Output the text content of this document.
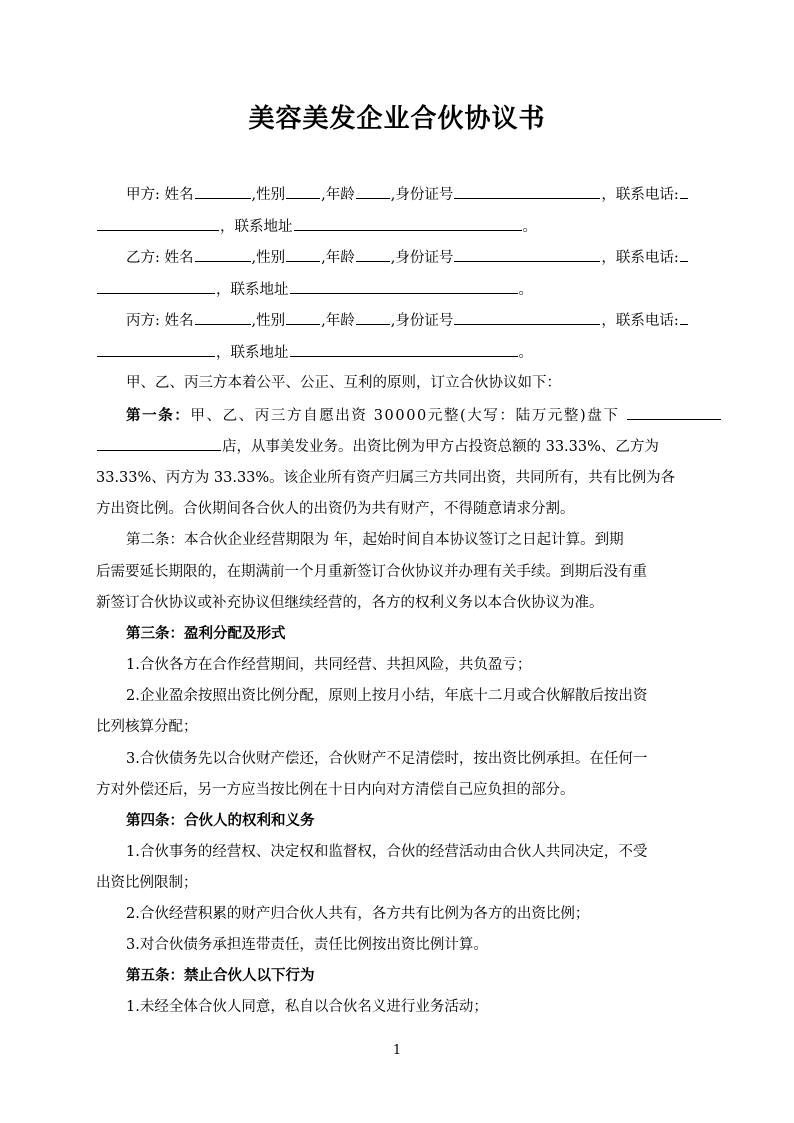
美容美发企业合伙协议书
甲方: 姓名	,性别 ,年龄 ,身份证号	，联系电话:
，联系地址	。
乙方: 姓名	,性别 ,年龄 ,身份证号	，联系电话:
，联系地址	。
丙方: 姓名	,性别 ,年龄 ,身份证号	，联系电话:
，联系地址	。
甲、乙、丙三方本着公平、公正、互利的原则，订立合伙协议如下：
第一条：甲、乙、丙三方自愿出资 30000元整(大写：陆万元整)盘下
店，从事美发业务。出资比例为甲方占投资总额的 33.33%、乙方为
33.33%、丙方为 33.33%。该企业所有资产归属三方共同出资，共同所有，共有比例为各
方出资比例。合伙期间各合伙人的出资仍为共有财产，不得随意请求分割。
第二条：本合伙企业经营期限为 年，起始时间自本协议签订之日起计算。到期
后需要延长期限的，在期满前一个月重新签订合伙协议并办理有关手续。到期后没有重
新签订合伙协议或补充协议但继续经营的，各方的权利义务以本合伙协议为准。
第三条：盈利分配及形式
1.合伙各方在合作经营期间，共同经营、共担风险，共负盈亏；
2.企业盈余按照出资比例分配，原则上按月小结，年底十二月或合伙解散后按出资
比列核算分配；
3.合伙债务先以合伙财产偿还，合伙财产不足清偿时，按出资比例承担。在任何一
方对外偿还后，另一方应当按比例在十日内向对方清偿自己应负担的部分。
第四条：合伙人的权利和义务
1.合伙事务的经营权、决定权和监督权，合伙的经营活动由合伙人共同决定，不受
出资比例限制；
2.合伙经营积累的财产归合伙人共有，各方共有比例为各方的出资比例；
3.对合伙债务承担连带责任，责任比例按出资比例计算。
第五条：禁止合伙人以下行为
1.未经全体合伙人同意，私自以合伙名义进行业务活动；
1
